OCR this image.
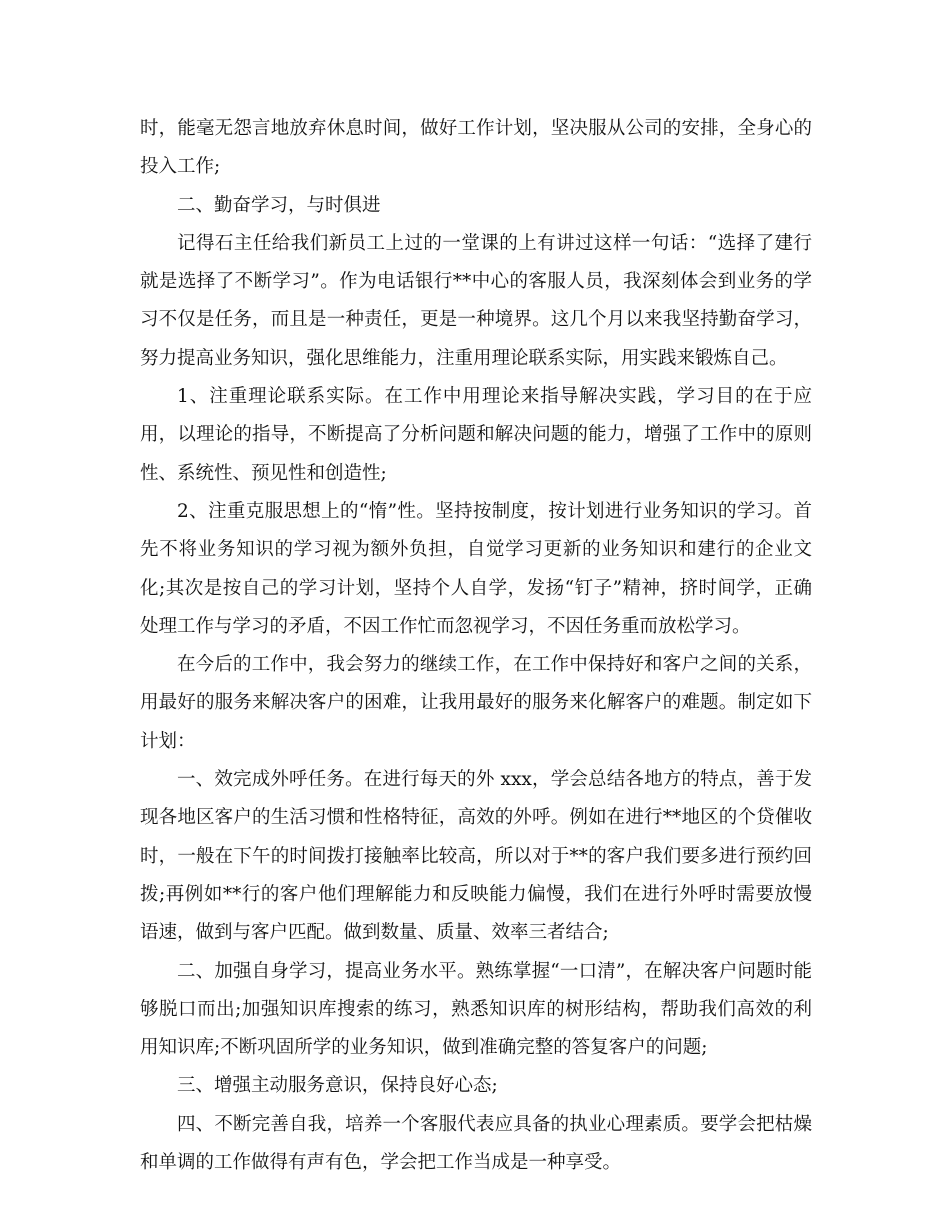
时，能毫无怨言地放弃休息时间，做好工作计划，坚决服从公司的安排，全身心的投入工作;

二、勤奋学习，与时俱进

记得石主任给我们新员工上过的一堂课的上有讲过这样一句话：“选择了建行就是选择了不断学习”。作为电话银行**中心的客服人员，我深刻体会到业务的学习不仅是任务，而且是一种责任，更是一种境界。这几个月以来我坚持勤奋学习，努力提高业务知识，强化思维能力，注重用理论联系实际，用实践来锻炼自己。

1、注重理论联系实际。在工作中用理论来指导解决实践，学习目的在于应用，以理论的指导，不断提高了分析问题和解决问题的能力，增强了工作中的原则性、系统性、预见性和创造性;

2、注重克服思想上的“惰”性。坚持按制度，按计划进行业务知识的学习。首先不将业务知识的学习视为额外负担，自觉学习更新的业务知识和建行的企业文化;其次是按自己的学习计划，坚持个人自学，发扬“钉子”精神，挤时间学，正确处理工作与学习的矛盾，不因工作忙而忽视学习，不因任务重而放松学习。

在今后的工作中，我会努力的继续工作，在工作中保持好和客户之间的关系，用最好的服务来解决客户的困难，让我用最好的服务来化解客户的难题。制定如下计划：

一、效完成外呼任务。在进行每天的外 xxx，学会总结各地方的特点，善于发现各地区客户的生活习惯和性格特征，高效的外呼。例如在进行**地区的个贷催收时，一般在下午的时间拨打接触率比较高，所以对于**的客户我们要多进行预约回拨;再例如**行的客户他们理解能力和反映能力偏慢，我们在进行外呼时需要放慢语速，做到与客户匹配。做到数量、质量、效率三者结合;

二、加强自身学习，提高业务水平。熟练掌握“一口清”，在解决客户问题时能够脱口而出;加强知识库搜索的练习，熟悉知识库的树形结构，帮助我们高效的利用知识库;不断巩固所学的业务知识，做到准确完整的答复客户的问题;

三、增强主动服务意识，保持良好心态;

四、不断完善自我，培养一个客服代表应具备的执业心理素质。要学会把枯燥和单调的工作做得有声有色，学会把工作当成是一种享受。
